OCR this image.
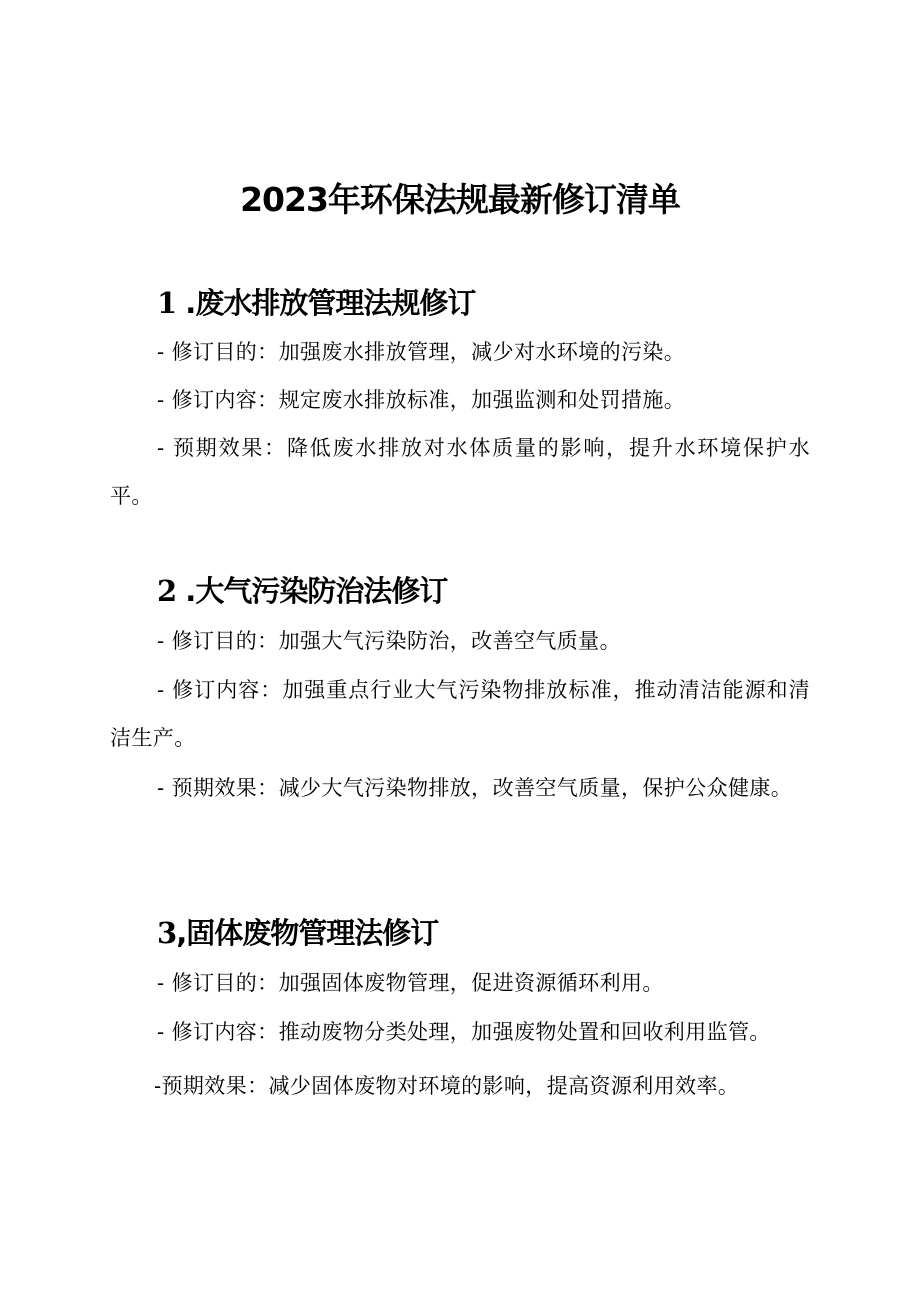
2023年环保法规最新修订清单
1 .废水排放管理法规修订

- 修订目的：加强废水排放管理，减少对水环境的污染。

- 修订内容：规定废水排放标准，加强监测和处罚措施。

- 预期效果：降低废水排放对水体质量的影响，提升水环境保护水平。

2 .大气污染防治法修订

- 修订目的：加强大气污染防治，改善空气质量。

- 修订内容：加强重点行业大气污染物排放标准，推动清洁能源和清洁生产。

- 预期效果：减少大气污染物排放，改善空气质量，保护公众健康。

3,固体废物管理法修订

- 修订目的：加强固体废物管理，促进资源循环利用。

- 修订内容：推动废物分类处理，加强废物处置和回收利用监管。

-预期效果：减少固体废物对环境的影响，提高资源利用效率。
